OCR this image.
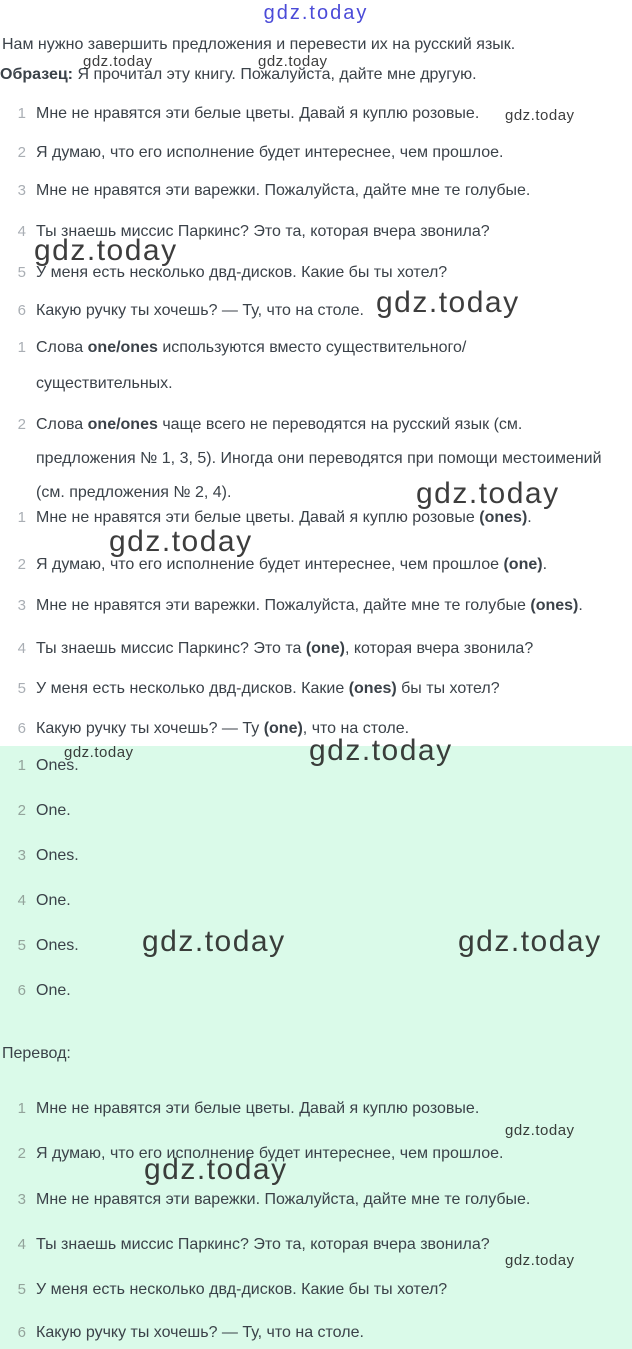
gdz.today
Нам нужно завершить предложения и перевести их на русский язык.
Образец: Я прочитал эту книгу. Пожалуйста, дайте мне другую.
1 Мне не нравятся эти белые цветы. Давай я куплю розовые.
2 Я думаю, что его исполнение будет интереснее, чем прошлое.
3 Мне не нравятся эти варежки. Пожалуйста, дайте мне те голубые.
4 Ты знаешь миссис Паркинс? Это та, которая вчера звонила?
5 У меня есть несколько двд-дисков. Какие бы ты хотел?
6 Какую ручку ты хочешь? — Ту, что на столе.
1 Слова one/ones используются вместо существительного/
существительных.
2 Слова one/ones чаще всего не переводятся на русский язык (см.
предложения № 1, 3, 5). Иногда они переводятся при помощи местоимений
(см. предложения № 2, 4).
1 Мне не нравятся эти белые цветы. Давай я куплю розовые (ones).
2 Я думаю, что его исполнение будет интереснее, чем прошлое (one).
3 Мне не нравятся эти варежки. Пожалуйста, дайте мне те голубые (ones).
4 Ты знаешь миссис Паркинс? Это та (one), которая вчера звонила?
5 У меня есть несколько двд-дисков. Какие (ones) бы ты хотел?
6 Какую ручку ты хочешь? — Ту (one), что на столе.
1 Ones.
2 One.
3 Ones.
4 One.
5 Ones.
6 One.
Перевод:
1 Мне не нравятся эти белые цветы. Давай я куплю розовые.
2 Я думаю, что его исполнение будет интереснее, чем прошлое.
3 Мне не нравятся эти варежки. Пожалуйста, дайте мне те голубые.
4 Ты знаешь миссис Паркинс? Это та, которая вчера звонила?
5 У меня есть несколько двд-дисков. Какие бы ты хотел?
6 Какую ручку ты хочешь? — Ту, что на столе.
gdz.today	gdz.today
gdz.today
gdz.today
gdz.today
gdz.today
gdz.today
gdz.today
gdz.today
gdz.today	gdz.today
gdz.today
gdz.today
gdz.today
